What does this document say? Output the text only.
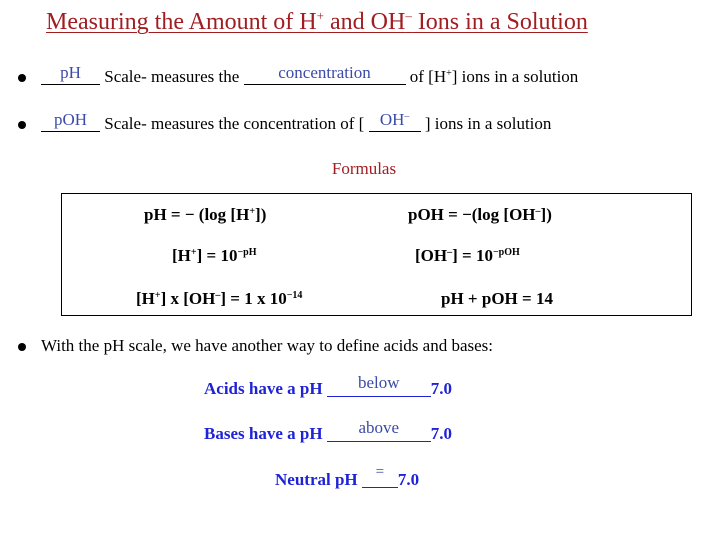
Measuring the Amount of H+ and OH– Ions in a Solution
pH	Scale- measures the	concentration	of [H+] ions in a solution
pOH Scale- measures the concentration of [ OH– ] ions in a solution
Formulas
pH = − (log [H+])	pOH = −(log [OH–])
$[H^+] = 10^{-pH}$	$[OH^-] = 10^{-pOH}$
[H+] x [OH–] = 1 x $10^{-14}$	pH + pOH = 14
With the pH scale, we have another way to define acids and bases:
Acids have a pH	below	7.0
Bases have a pH	above	7.0
Neutral pH = 7.0
